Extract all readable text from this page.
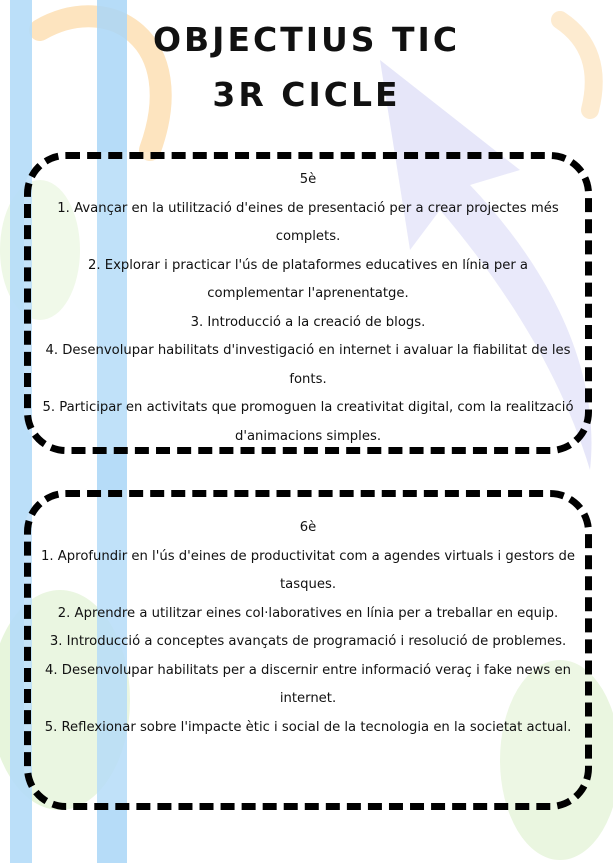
OBJECTIUS TIC
3R CICLE
5è
1. Avançar en la utilització d'eines de presentació per a crear projectes més complets.
2. Explorar i practicar l'ús de plataformes educatives en línia per a complementar l'aprenentatge.
3. Introducció a la creació de blogs.
4. Desenvolupar habilitats d'investigació en internet i avaluar la fiabilitat de les fonts.
5. Participar en activitats que promoguen la creativitat digital, com la realització d'animacions simples.
6è
1. Aprofundir en l'ús d'eines de productivitat com a agendes virtuals i gestors de tasques.
2. Aprendre a utilitzar eines col·laboratives en línia per a treballar en equip.
3. Introducció a conceptes avançats de programació i resolució de problemes.
4. Desenvolupar habilitats per a discernir entre informació veraç i fake news en internet.
5. Reflexionar sobre l'impacte ètic i social de la tecnologia en la societat actual.
